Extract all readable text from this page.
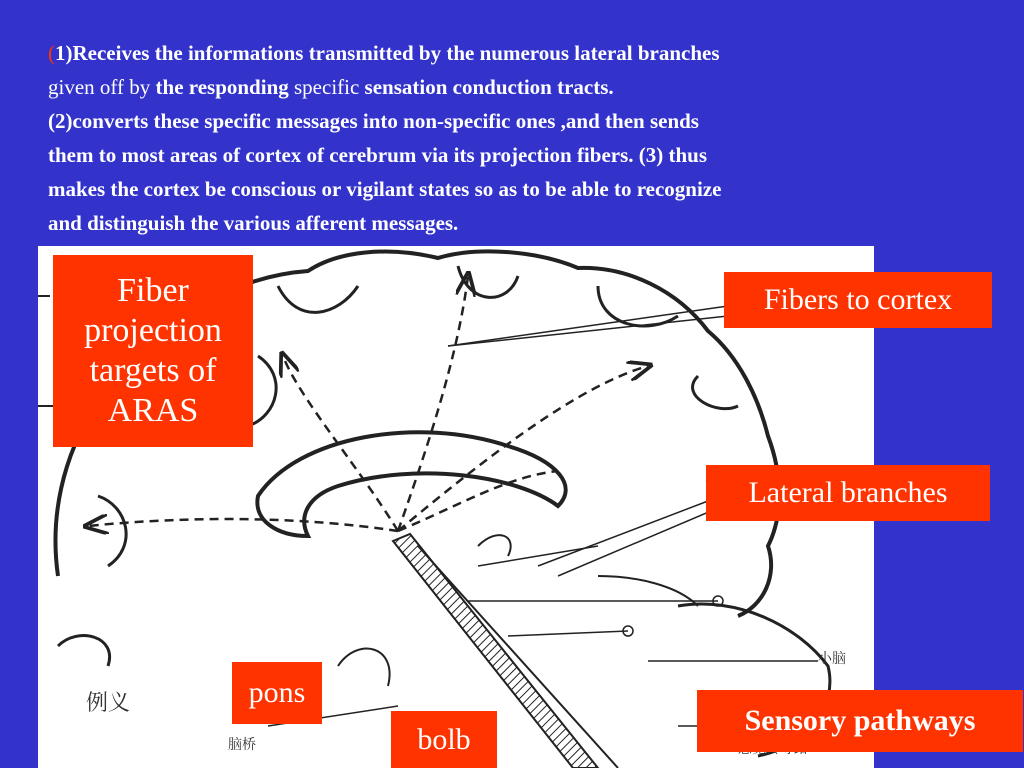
(1)Receives the informations transmitted by the numerous lateral branches
given off by the responding specific sensation conduction tracts.
(2)converts these specific messages into non-specific ones ,and then sends
them to most areas of cortex of cerebrum via its projection fibers. (3) thus
makes the cortex be conscious or vigilant states so as to be able to recognize
and distinguish the various afferent messages.
小脑
脑桥
例义
Fiber projection targets of ARAS
Fibers to cortex
Lateral branches
pons
bolb
Sensory pathways
